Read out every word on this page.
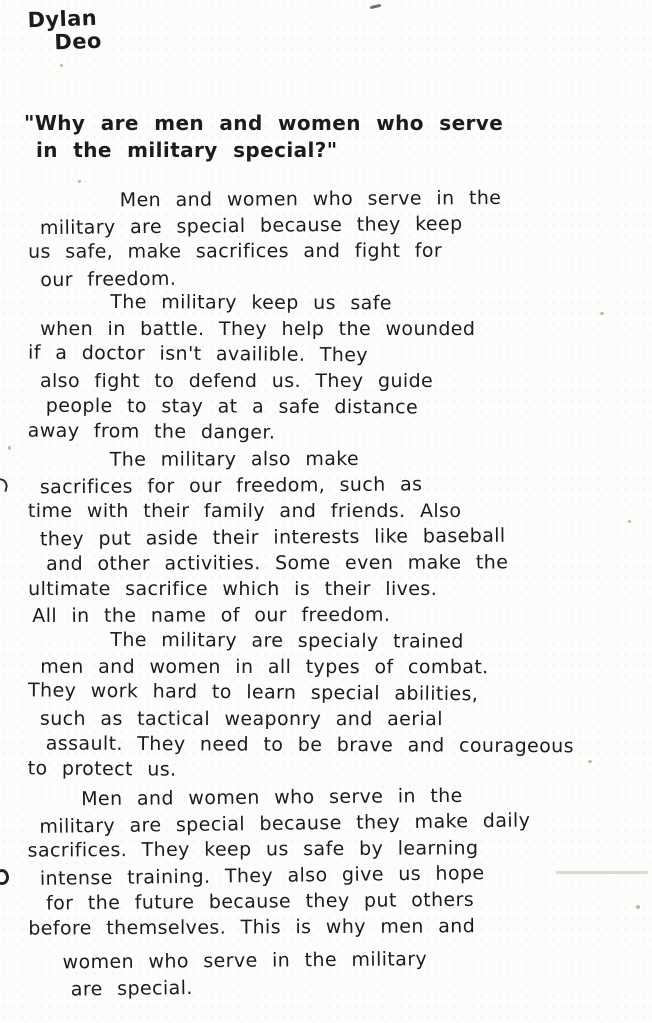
Dylan
Deo
"Why are men and women who serve
in the military special?"
Men and women who serve in the
military are special because they keep
us safe, make sacrifices and fight for
our freedom.
The military keep us safe
when in battle. They help the wounded
if a doctor isn't availible. They
also fight to defend us. They guide
people to stay at a safe distance
away from the danger.
The military also make
sacrifices for our freedom, such as
time with their family and friends. Also
they put aside their interests like baseball
and other activities. Some even make the
ultimate sacrifice which is their lives.
All in the name of our freedom.
The military are specialy trained
men and women in all types of combat.
They work hard to learn special abilities,
such as tactical weaponry and aerial
assault. They need to be brave and courageous
to protect us.
Men and women who serve in the
military are special because they make daily
sacrifices. They keep us safe by learning
intense training. They also give us hope
for the future because they put others
before themselves. This is why men and
women who serve in the military
are special.
